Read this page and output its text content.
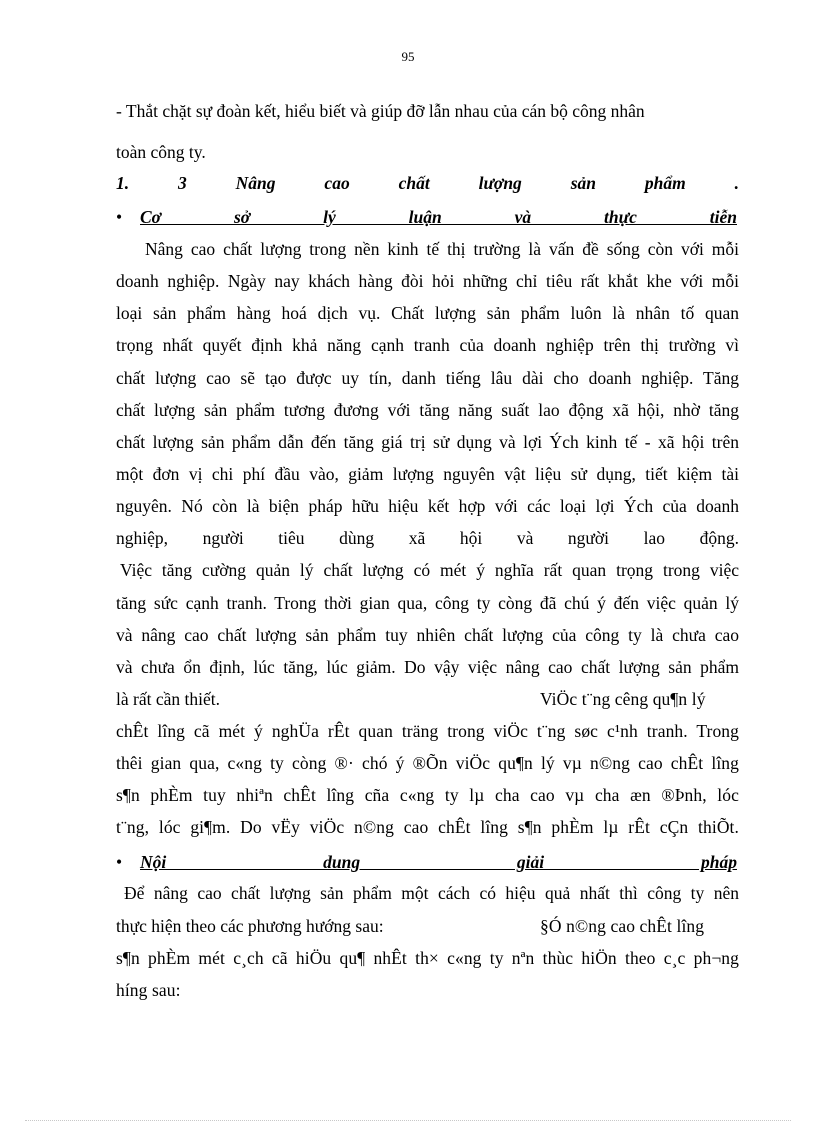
95
- Thắt chặt sự đoàn kết, hiểu biết và giúp đỡ lẫn nhau của cán bộ công nhân
toàn công ty.
1. 3 Nâng cao chất lượng sản phẩm .
• Cơ sở lý luận và thực tiễn
Nâng cao chất lượng trong nền kinh tế thị trường là vấn đề sống còn với mỗi
doanh nghiệp. Ngày nay khách hàng đòi hỏi những chỉ tiêu rất khắt khe với mỗi
loại sản phẩm hàng hoá dịch vụ. Chất lượng sản phẩm luôn là nhân tố quan
trọng nhất quyết định khả năng cạnh tranh của doanh nghiệp trên thị trường vì
chất lượng cao sẽ tạo được uy tín, danh tiếng lâu dài cho doanh nghiệp. Tăng
chất lượng sản phẩm tương đương với tăng năng suất lao động xã hội, nhờ tăng
chất lượng sản phẩm dẫn đến tăng giá trị sử dụng và lợi Ých kinh tế - xã hội trên
một đơn vị chi phí đầu vào, giảm lượng nguyên vật liệu sử dụng, tiết kiệm tài
nguyên. Nó còn là biện pháp hữu hiệu kết hợp với các loại lợi Ých của doanh
nghiệp, người tiêu dùng xã hội và người lao động.
Việc tăng cường quản lý chất lượng có mét ý nghĩa rất quan trọng trong việc
tăng sức cạnh tranh. Trong thời gian qua, công ty còng đã chú ý đến việc quản lý
và nâng cao chất lượng sản phẩm tuy nhiên chất lượng của công ty là chưa cao
và chưa ổn định, lúc tăng, lúc giảm. Do vậy việc nâng cao chất lượng sản phẩm
là rất cần thiết.	ViÖc t¨ng cêng qu¶n lý
chÊt lîng cã mét ý nghÜa rÊt quan träng trong viÖc t¨ng søc c¹nh tranh. Trong
thêi gian qua, c«ng ty còng ®· chó ý ®Õn viÖc qu¶n lý vµ n©ng cao chÊt lîng
s¶n phÈm tuy nhiªn chÊt lîng cña c«ng ty lµ cha cao vµ cha æn ®Þnh, lóc
t¨ng, lóc gi¶m. Do vËy viÖc n©ng cao chÊt lîng s¶n phÈm lµ rÊt cÇn thiÕt.
• Nội dung giải pháp
Để nâng cao chất lượng sản phẩm một cách có hiệu quả nhất thì công ty nên
thực hiện theo các phương hướng sau:	§Ó n©ng cao chÊt lîng
s¶n phÈm mét c¸ch cã hiÖu qu¶ nhÊt th× c«ng ty nªn thùc hiÖn theo c¸c ph¬ng
híng sau:
